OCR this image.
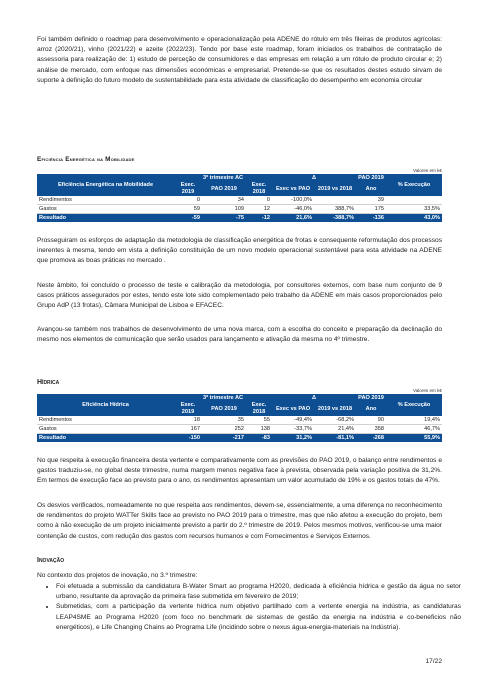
Foi também definido o roadmap para desenvolvimento e operacionalização pela ADENE do rótulo em três fileiras de produtos agrícolas: arroz (2020/21), vinho (2021/22) e azeite (2022/23). Tendo por base este roadmap, foram iniciados os trabalhos de contratação de assessoria para realização de: 1) estudo de perceção de consumidores e das empresas em relação a um rótulo de produto circular e; 2) análise de mercado, com enfoque nas dimensões económicas e empresarial. Pretende-se que os resultados destes estudo sirvam de suporte à definição do futuro modelo de sustentabilidade para esta atividade de classificação do desempenho em economia circular

Eficiência Energética na Mobilidade

Valores em k€
Eficiência Energética na Mobilidade	3º trimestre AC			Δ		PAO 2019	% Execução
	Exec. 2019	PAO 2019	Exec. 2018	Exec vs PAO	2019 vs 2018	Ano	
Rendimentos	0	34	0	-100,0%		39	
Gastos	59	109	12	-46,0%	388,7%	175	33,5%
Resultado	-59	-75	-12	21,6%	-388,7%	-136	43,0%

Prosseguiram os esforços de adaptação da metodologia de classificação energética de frotas e consequente reformulação dos processos inerentes à mesma, tendo em vista a definição constituição de um novo modelo operacional sustentável para esta atividade na ADENE que promova as boas práticas no mercado .

Neste âmbito, foi concluído o processo de teste e calibração da metodologia, por consultores externos, com base num conjunto de 9 casos práticos assegurados por estes, tendo este lote sido complementado pelo trabalho da ADENE em mais casos proporcionados pelo Grupo AdP (13 frotas), Câmara Municipal de Lisboa e EFACEC.

Avançou-se também nos trabalhos de desenvolvimento de uma nova marca, com a escolha do conceito e preparação da declinação do mesmo nos elementos de comunicação que serão usados para lançamento e ativação da mesma no 4º trimestre.

Hídrica

Valores em k€
Eficiência Hídrica	3º trimestre AC			Δ		PAO 2019	% Execução
	Exec. 2019	PAO 2019	Exec. 2018	Exec vs PAO	2019 vs 2018	Ano	
Rendimentos	18	35	55	-49,4%	-68,2%	90	19,4%
Gastos	167	252	138	-33,7%	21,4%	358	46,7%
Resultado	-150	-217	-83	31,2%	-81,1%	-268	55,9%

No que respeita à execução financeira desta vertente e comparativamente com as previsões do PAO 2019, o balanço entre rendimentos e gastos traduziu-se, no global deste trimestre, numa margem menos negativa face à prevista, observada pela variação positiva de 31,2%. Em termos de execução face ao previsto para o ano, os rendimentos apresentam um valor acumulado de 19% e os gastos totais de 47%.

Os desvios verificados, nomeadamente no que respeita aos rendimentos, devem-se, essencialmente, a uma diferença no reconhecimento de rendimentos do projeto WATTer Skills face ao previsto no PAO 2019 para o trimestre, mas que não afetou a execução do projeto, bem como à não execução de um projeto inicialmente previsto a partir do 2.º trimestre de 2019. Pelos mesmos motivos, verificou-se uma maior contenção de custos, com redução dos gastos com recursos humanos e com Fornecimentos e Serviços Externos.

Inovação

No contexto dos projetos de inovação, no 3.º trimestre:

• Foi efetuada a submissão da candidatura B-Water Smart ao programa H2020, dedicada à eficiência hídrica e gestão da água no setor urbano, resultante da aprovação da primeira fase submetida em fevereiro de 2019;
• Submetidas, com a participação da vertente hídrica num objetivo partilhado com a vertente energia na indústria, as candidaturas LEAP4SME ao Programa H2020 (com foco no benchmark de sistemas de gestão da energia na indústria e co-beneficios não energéticos), e Life Changing Chains ao Programa Life (incidindo sobre o nexus água-energia-materiais na Indústria).
17/22
